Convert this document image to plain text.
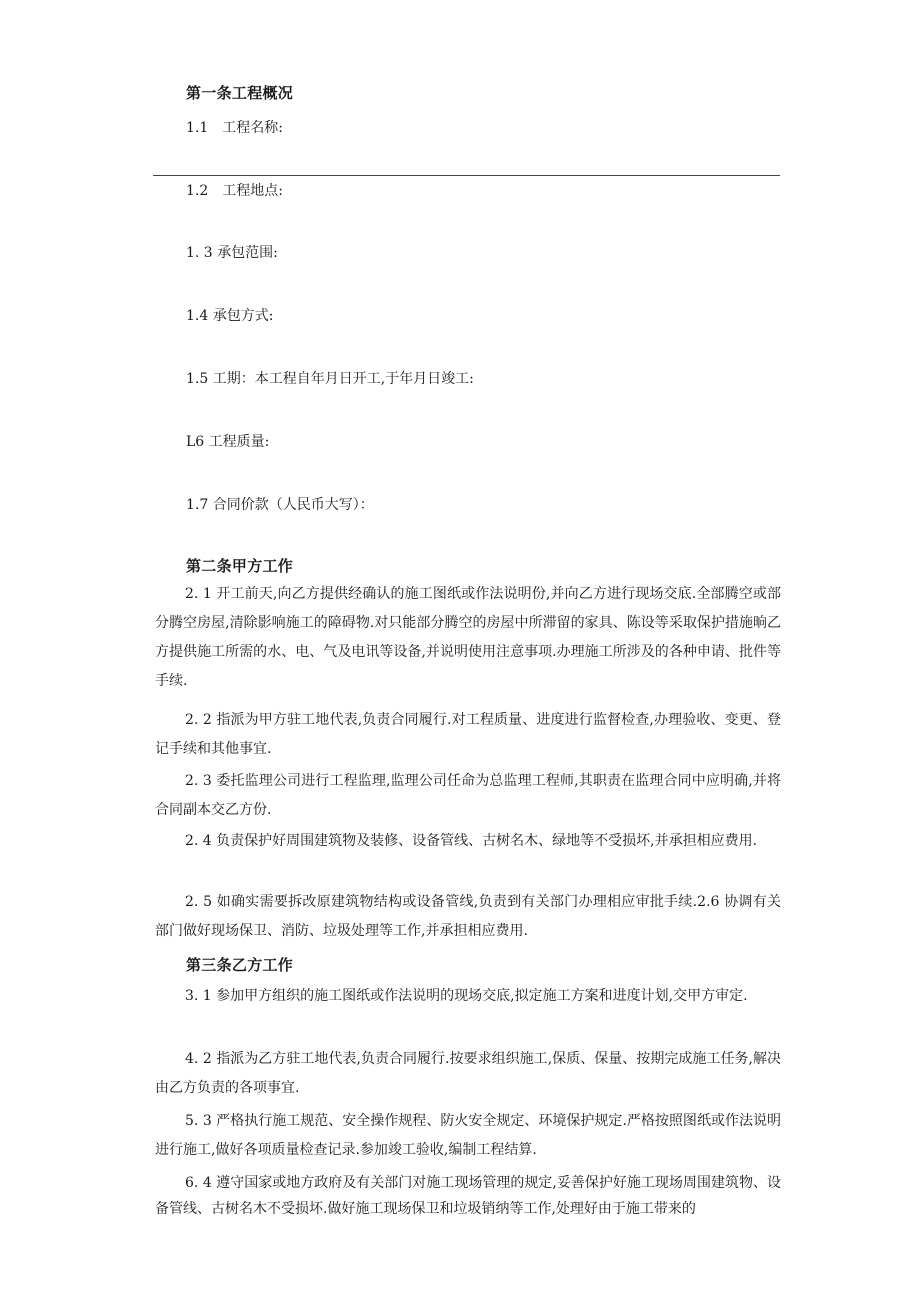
第一条工程概况
1.1　工程名称:
1.2　工程地点:
1. 3 承包范围:
1.4 承包方式:
1.5 工期：本工程自年月日开工,于年月日竣工:
L6 工程质量:
1.7 合同价款（人民币大写）：
第二条甲方工作
2. 1 开工前天,向乙方提供经确认的施工图纸或作法说明份,并向乙方进行现场交底.全部腾空或部分腾空房屋,清除影响施工的障碍物.对只能部分腾空的房屋中所滞留的家具、陈设等采取保护措施晌乙方提供施工所需的水、电、气及电讯等设备,并说明使用注意事项.办理施工所涉及的各种申请、批件等手续.
2. 2 指派为甲方驻工地代表,负责合同履行.对工程质量、进度进行监督检查,办理验收、变更、登记手续和其他事宜.
2. 3 委托监理公司进行工程监理,监理公司任命为总监理工程师,其职责在监理合同中应明确,并将合同副本交乙方份.
2. 4 负责保护好周围建筑物及装修、设备管线、古树名木、绿地等不受损坏,并承担相应费用.
2. 5 如确实需要拆改原建筑物结构或设备管线,负责到有关部门办理相应审批手续.2.6 协调有关部门做好现场保卫、消防、垃圾处理等工作,并承担相应费用.
第三条乙方工作
3. 1 参加甲方组织的施工图纸或作法说明的现场交底,拟定施工方案和进度计划,交甲方审定.
4. 2 指派为乙方驻工地代表,负责合同履行.按要求组织施工,保质、保量、按期完成施工任务,解决由乙方负责的各项事宜.
5. 3 严格执行施工规范、安全操作规程、防火安全规定、环境保护规定.严格按照图纸或作法说明进行施工,做好各项质量检查记录.参加竣工验收,编制工程结算.
6. 4 遵守国家或地方政府及有关部门对施工现场管理的规定,妥善保护好施工现场周围建筑物、设备管线、古树名木不受损坏.做好施工现场保卫和垃圾销纳等工作,处理好由于施工带来的
